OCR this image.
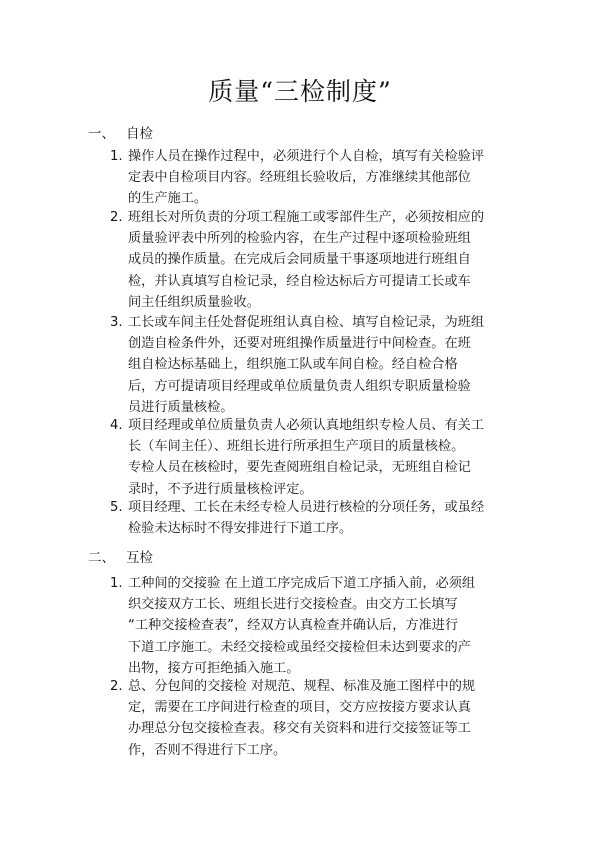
质量“三检制度”
一、 自检
1. 操作人员在操作过程中，必须进行个人自检，填写有关检验评
定表中自检项目内容。经班组长验收后，方准继续其他部位
的生产施工。
2. 班组长对所负责的分项工程施工或零部件生产，必须按相应的
质量验评表中所列的检验内容，在生产过程中逐项检验班组
成员的操作质量。在完成后会同质量干事逐项地进行班组自
检，并认真填写自检记录，经自检达标后方可提请工长或车
间主任组织质量验收。
3. 工长或车间主任处督促班组认真自检、填写自检记录，为班组
创造自检条件外，还要对班组操作质量进行中间检查。在班
组自检达标基础上，组织施工队或车间自检。经自检合格
后，方可提请项目经理或单位质量负责人组织专职质量检验
员进行质量核检。
4. 项目经理或单位质量负责人必须认真地组织专检人员、有关工
长（车间主任）、班组长进行所承担生产项目的质量核检。
专检人员在核检时，要先查阅班组自检记录，无班组自检记
录时，不予进行质量核检评定。
5. 项目经理、工长在未经专检人员进行核检的分项任务，或虽经
检验未达标时不得安排进行下道工序。
二、 互检
1. 工种间的交接验 在上道工序完成后下道工序插入前，必须组
织交接双方工长、班组长进行交接检查。由交方工长填写
“工种交接检查表”，经双方认真检查并确认后，方准进行
下道工序施工。未经交接检或虽经交接检但未达到要求的产
出物，接方可拒绝插入施工。
2. 总、分包间的交接检 对规范、规程、标准及施工图样中的规
定，需要在工序间进行检查的项目，交方应按接方要求认真
办理总分包交接检查表。移交有关资料和进行交接签证等工
作，否则不得进行下工序。
